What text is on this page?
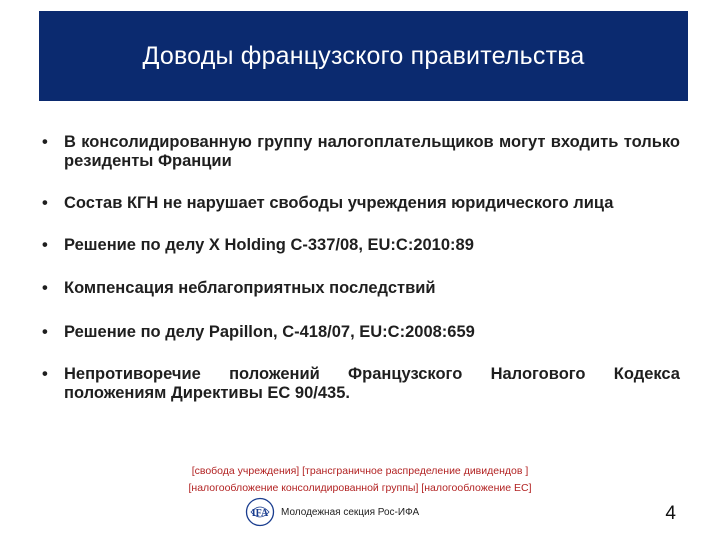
Доводы французского правительства
• В консолидированную группу налогоплательщиков могут входить только резиденты Франции
• Состав КГН не нарушает свободы учреждения юридического лица
• Решение по делу X Holding C‑337/08, EU:C:2010:89
• Компенсация неблагоприятных последствий
• Решение по делу Papillon, C‑418/07, EU:C:2008:659
• Непротиворечие положений Французского Налогового Кодекса положениям Директивы ЕС 90/435.
[свобода учреждения] [трансграничное распределение дивидендов ]
[налогообложение консолидированной группы] [налогообложение ЕС]
IFA Молодежная секция Рос-ИФА	4
